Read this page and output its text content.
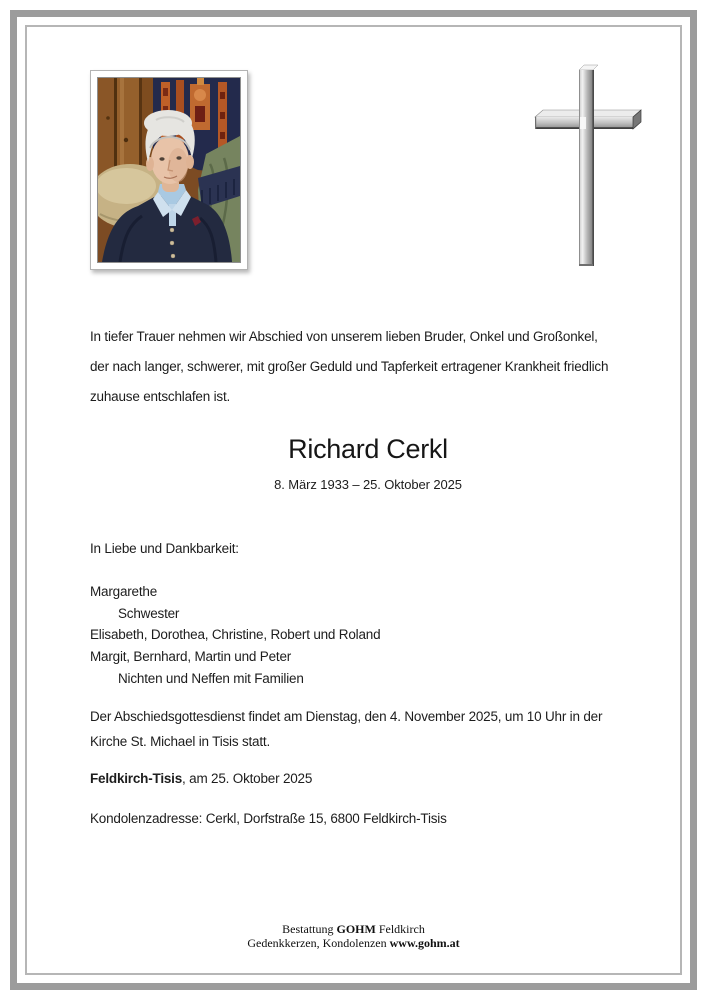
In tiefer Trauer nehmen wir Abschied von unserem lieben Bruder, Onkel und Großonkel,
der nach langer, schwerer, mit großer Geduld und Tapferkeit ertragener Krankheit friedlich
zuhause entschlafen ist.
Richard Cerkl
8. März 1933 – 25. Oktober 2025
In Liebe und Dankbarkeit:
Margarethe
Schwester
Elisabeth, Dorothea, Christine, Robert und Roland
Margit, Bernhard, Martin und Peter
Nichten und Neffen mit Familien
Der Abschiedsgottesdienst findet am Dienstag, den 4. November 2025, um 10 Uhr in der
Kirche St. Michael in Tisis statt.
Feldkirch-Tisis, am 25. Oktober 2025
Kondolenzadresse: Cerkl, Dorfstraße 15, 6800 Feldkirch-Tisis
Bestattung GOHM Feldkirch
Gedenkkerzen, Kondolenzen www.gohm.at
